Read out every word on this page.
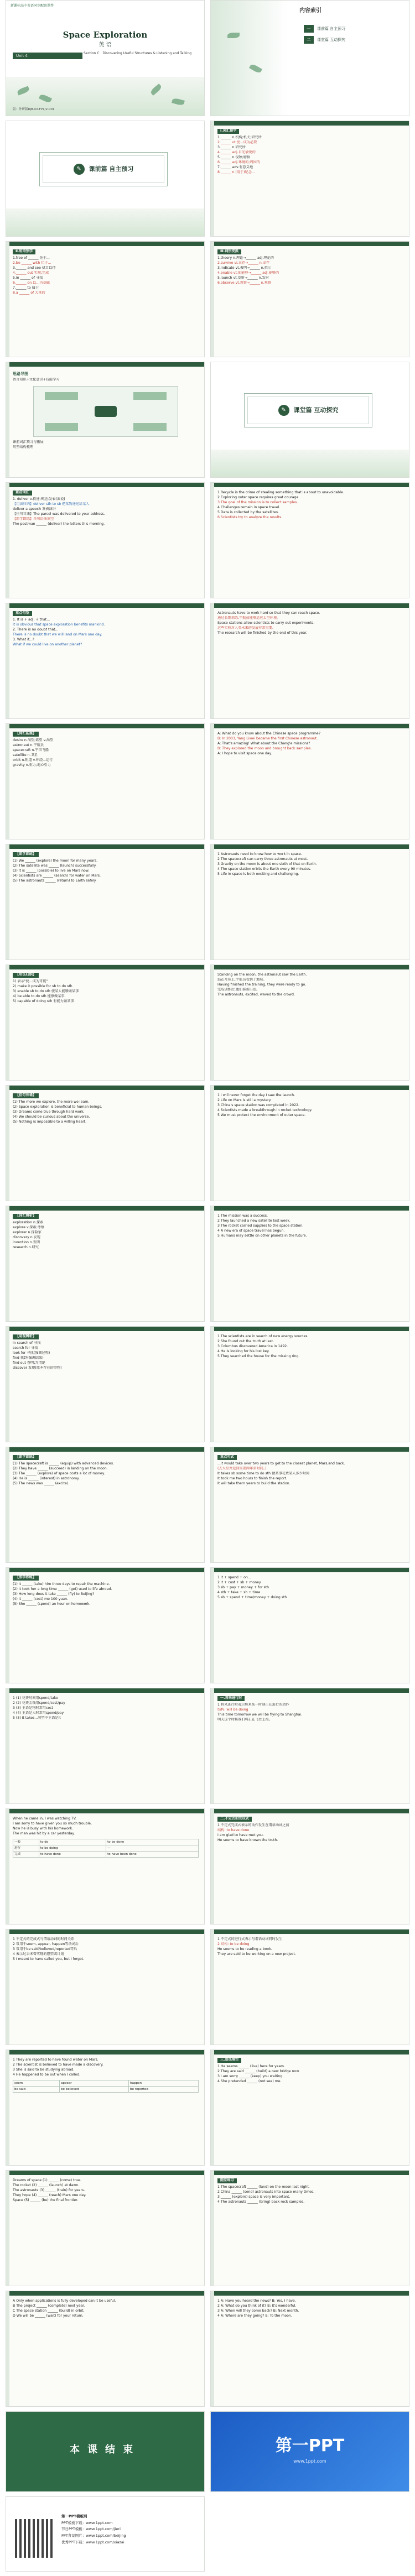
新课标高中英语同步配套课件
Space Exploration
英 语
Unit 4
Section C　Discovering Useful Structures & Listening and Talking
版：外研版RJB-XX-FP1/2-001
内容索引
一	课前篇 自主预习
二	课堂篇 互动探究
✎	课前篇 自主预习
Ⅰ.词汇预学
1.______ n.机构;机关;研究所
2.______ vt.使...成为必要
3.______ n.研究所
4.______ adj.目光敏锐的
5.______ n.侵蚀;磨损
6.______ adj.环境的;周围的
7.______ adv.有意义地
8.______ n.(用于)纪念...
Ⅱ.短语预学
1.free of ______ 免于...
2.be ______ with 忙于...
3.______ and see 拭目以待
4.______ out 实现;完成
5.in ______ of 寻找
6.______ on 以...为基础
7.______ to 属于
8.a ______ of 大量的
Ⅲ.词形变换
1.theory n.理论→______ adj.理论的
2.survive vi.幸存→______ n.幸存
3.indicate vt.表明→______ n.指示
4.enable vt.使能够→______ adj.能够的
5.launch vt.发射→______ n.发射
6.observe vt.观察→______ n.观察
思路导图
语言知识+文化意识+技能学习
课前词汇预习与拓展
句型结构梳理
✎	课堂篇 互动探究
重点词汇
1. deliver v.投递;传送;发表(演说)
【用法归纳】deliver sth to sb 把某物递送给某人
deliver a speech 发表演讲
【佳句背诵】The parcel was delivered to your address.
【即学即练】单句语法填空
The postman ______ (deliver) the letters this morning.
1 Recycle is the crime of stealing something that is about to unavoidable.
2 Exploring outer space requires great courage.
3 The goal of the mission is to collect samples.
4 Challenges remain in space travel.
5 Data is collected by the satellites.
6 Scientists try to analyze the results.
重点句型
1. It is + adj. + that...
It is obvious that space exploration benefits mankind.
2. There is no doubt that...
There is no doubt that we will land on Mars one day.
3. What if...?
What if we could live on another planet?
Astronauts have to work hard so that they can reach space.
通过长期训练,宇航员能够适应太空环境。
Space stations allow scientists to carry out experiments.
这些实验对人类未来的发展非常重要。
The research will be finished by the end of this year.
【词汇拓展】
desire n.渴望;欲望 v.渴望
astronaut n.宇航员
spacecraft n.宇宙飞船
satellite n.卫星
orbit n.轨道 v.环绕...运行
gravity n.重力;地心引力
A: What do you know about the Chinese space programme?
B: In 2003, Yang Liwei became the first Chinese astronaut.
A: That's amazing! What about the Chang'e missions?
B: They explored the moon and brought back samples.
A: I hope to visit space one day.
【即学即练】
(1) We ______ (explore) the moon for many years.
(2) The satellite was ______ (launch) successfully.
(3) It is ______ (possible) to live on Mars now.
(4) Scientists are ______ (search) for water on Mars.
(5) The astronauts ______ (return) to Earth safely.
1 Astronauts need to know how to work in space.
2 The spacecraft can carry three astronauts at most.
3 Gravity on the moon is about one sixth of that on Earth.
4 The space station orbits the Earth every 90 minutes.
5 Life in space is both exciting and challenging.
【用法归纳】
1) 表示"使...成为可能"
2) make it possible for sb to do sth
3) enable sb to do sth 使某人能够做某事
4) be able to do sth 能够做某事
5) capable of doing sth 有能力做某事
Standing on the moon, the astronaut saw the Earth.
站在月球上,宇航员看到了地球。
Having finished the training, they were ready to go.
完成训练后,他们准备出发。
The astronauts, excited, waved to the crowd.
【佳句背诵】
(1) The more we explore, the more we learn.
(2) Space exploration is beneficial to human beings.
(3) Dreams come true through hard work.
(4) We should be curious about the universe.
(5) Nothing is impossible to a willing heart.
1 I will never forget the day I saw the launch.
2 Life on Mars is still a mystery.
3 China's space station was completed in 2022.
4 Scientists made a breakthrough in rocket technology.
5 We must protect the environment of outer space.
【词汇辨析】
exploration n.探索
explore v.探索;考察
explorer n.探险家
discovery n.发现
invention n.发明
research n.研究
1 The mission was a success.
2 They launched a new satellite last week.
3 The rocket carried supplies to the space station.
4 A new era of space travel has begun.
5 Humans may settle on other planets in the future.
【易混辨析】
in search of 寻找
search for 寻找
look for 寻找(强调过程)
find 找到(强调结果)
find out 查明;弄清楚
discover 发现(原本存在的事物)
1 The scientists are in search of new energy sources.
2 She found out the truth at last.
3 Columbus discovered America in 1492.
4 He is looking for his lost key.
5 They searched the house for the missing ring.
【即学即练】
(1) The spacecraft is ______ (equip) with advanced devices.
(2) They have ______ (succeed) in landing on the moon.
(3) The ______ (explore) of space costs a lot of money.
(4) He is ______ (interest) in astronomy.
(5) The news was ______ (excite).
重点句式
...it would take over two years to get to the closest planet, Mars,and back.
(去火星并返回需要两年多时间。)
It takes sb some time to do sth 做某事花费某人多少时间
It took me two hours to finish the report.
It will take them years to build the station.
【即学即练】
(1) It ______ (take) him three days to repair the machine.
(2) It took her a long time ______ (get) used to life abroad.
(3) How long does it take ______ (fly) to Beijing?
(4) It ______ (cost) me 100 yuan.
(5) She ______ (spend) an hour on homework.
1 it + spend + on...
2 it + cost + sb + money
3 sb + pay + money + for sth
4 sth + take + sb + time
5 sb + spend + time/money + doing sth
1 (1) 花费时间用spend/take
2 (2) 花费金钱用spend/cost/pay
3 (3) 主语是物时常用cost
4 (4) 主语是人时常用spend/pay
5 (5) It takes...句型中主语是it
一.将来进行时
1 将来进行时表示将来某一时刻正在进行的动作
结构: will be doing
This time tomorrow we will be flying to Shanghai.
明天这个时候我们将正在飞往上海。
When he came in, I was watching TV.
I am sorry to have given you so much trouble.
Now he is busy with his homework.
The man was hit by a car yesterday.
一般	to do	to be done
进行	to be doing	—
完成	to have done	to have been done
二.不定式的完成式
1 不定式完成式表示的动作发生在谓语动词之前
结构: to have done
I am glad to have met you.
He seems to have known the truth.
1 不定式的完成式与谓语动词的时间关系
2 常用于seem, appear, happen等动词后
3 常用于be said/believed/reported等后
4 表示过去未曾实现的愿望或计划
5 I meant to have called you, but I forgot.
1 不定式的进行式表示与谓语动词同时发生
2 结构: to be doing
He seems to be reading a book.
They are said to be working on a new project.
1 They are reported to have found water on Mars.
2 The scientist is believed to have made a discovery.
3 She is said to be studying abroad.
4 He happened to be out when I called.
seem	appear	happen
be said	be believed	be reported
三.语法填空
1 He seems ______ (live) here for years.
2 They are said ______ (build) a new bridge now.
3 I am sorry ______ (keep) you waiting.
4 She pretended ______ (not see) me.
Dreams of space (1) ______ (come) true.
The rocket (2) ______ (launch) at dawn.
The astronauts (3) ______ (train) for years.
They hope (4) ______ (reach) Mars one day.
Space (5) ______ (be) the final frontier.
随堂练习
1 The spacecraft ______ (land) on the moon last night.
2 China ______ (send) astronauts into space many times.
3 ______ (explore) space is very important.
4 The astronauts ______ (bring) back rock samples.
A Only when applications is fully developed can it be useful.
B The project ______ (complete) next year.
C The space station ______ (build) in orbit.
D We will be ______ (wait) for your return.
1 A: Have you heard the news? B: Yes, I have.
2 A: What do you think of it? B: It's wonderful.
3 A: When will they come back? B: Next month.
4 A: Where are they going? B: To the moon.
本课结束	第一PPT
www.1ppt.com
第一PPT模板网
PPT模板下载：www.1ppt.com
节日PPT模板：www.1ppt.com/jieri
PPT背景图片：www.1ppt.com/beijing
优秀PPT下载：www.1ppt.com/xiazai
